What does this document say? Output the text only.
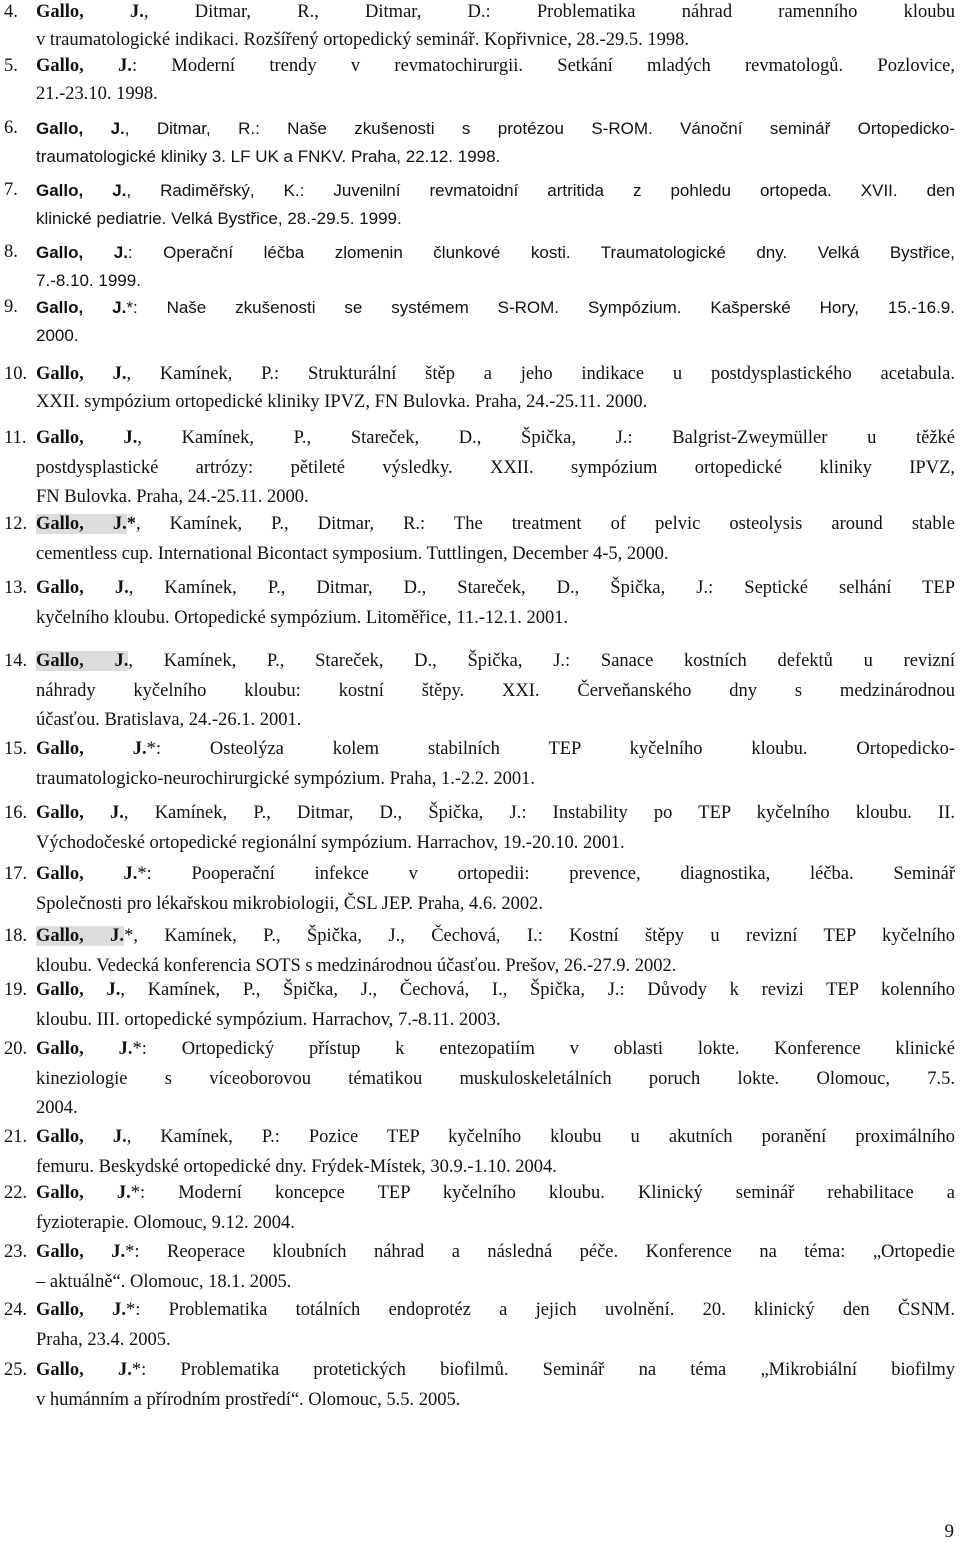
9
4. Gallo, J., Ditmar, R., Ditmar, D.: Problematika náhrad ramenního kloubu
v traumatologické indikaci. Rozšířený ortopedický seminář. Kopřivnice, 28.-29.5. 1998.
5. Gallo, J.: Moderní trendy v revmatochirurgii. Setkání mladých revmatologů. Pozlovice,
21.-23.10. 1998.
6. Gallo, J., Ditmar, R.: Naše zkušenosti s protézou S-ROM. Vánoční seminář Ortopedicko-
traumatologické kliniky 3. LF UK a FNKV. Praha, 22.12. 1998.
7. Gallo, J., Radiměřský, K.: Juvenilní revmatoidní artritida z pohledu ortopeda. XVII. den
klinické pediatrie. Velká Bystřice, 28.-29.5. 1999.
8. Gallo, J.: Operační léčba zlomenin člunkové kosti. Traumatologické dny. Velká Bystřice,
7.-8.10. 1999.
9. Gallo, J.*: Naše zkušenosti se systémem S-ROM. Sympózium. Kašperské Hory, 15.-16.9.
2000.
10. Gallo, J., Kamínek, P.: Strukturální štěp a jeho indikace u postdysplastického acetabula.
XXII. sympózium ortopedické kliniky IPVZ, FN Bulovka. Praha, 24.-25.11. 2000.
11. Gallo, J., Kamínek, P., Stareček, D., Špička, J.: Balgrist-Zweymüller u těžké
postdysplastické artrózy: pětileté výsledky. XXII. sympózium ortopedické kliniky IPVZ,
FN Bulovka. Praha, 24.-25.11. 2000.
12. Gallo, J.*, Kamínek, P., Ditmar, R.: The treatment of pelvic osteolysis around stable
cementless cup. International Bicontact symposium. Tuttlingen, December 4-5, 2000.
13. Gallo, J., Kamínek, P., Ditmar, D., Stareček, D., Špička, J.: Septické selhání TEP
kyčelního kloubu. Ortopedické sympózium. Litoměřice, 11.-12.1. 2001.
14. Gallo, J., Kamínek, P., Stareček, D., Špička, J.: Sanace kostních defektů u revizní
náhrady kyčelního kloubu: kostní štěpy. XXI. Červeňanského dny s medzinárodnou
účasťou. Bratislava, 24.-26.1. 2001.
15. Gallo, J.*: Osteolýza kolem stabilních TEP kyčelního kloubu. Ortopedicko-
traumatologicko-neurochirurgické sympózium. Praha, 1.-2.2. 2001.
16. Gallo, J., Kamínek, P., Ditmar, D., Špička, J.: Instability po TEP kyčelního kloubu. II.
Východočeské ortopedické regionální sympózium. Harrachov, 19.-20.10. 2001.
17. Gallo, J.*: Pooperační infekce v ortopedii: prevence, diagnostika, léčba. Seminář
Společnosti pro lékařskou mikrobiologii, ČSL JEP. Praha, 4.6. 2002.
18. Gallo, J.*, Kamínek, P., Špička, J., Čechová, I.: Kostní štěpy u revizní TEP kyčelního
kloubu. Vedecká konferencia SOTS s medzinárodnou účasťou. Prešov, 26.-27.9. 2002.
19. Gallo, J., Kamínek, P., Špička, J., Čechová, I., Špička, J.: Důvody k revizi TEP kolenního
kloubu. III. ortopedické sympózium. Harrachov, 7.-8.11. 2003.
20. Gallo, J.*: Ortopedický přístup k entezopatiím v oblasti lokte. Konference klinické
kineziologie s víceoborovou tématikou muskuloskeletálních poruch lokte. Olomouc, 7.5.
2004.
21. Gallo, J., Kamínek, P.: Pozice TEP kyčelního kloubu u akutních poranění proximálního
femuru. Beskydské ortopedické dny. Frýdek-Místek, 30.9.-1.10. 2004.
22. Gallo, J.*: Moderní koncepce TEP kyčelního kloubu. Klinický seminář rehabilitace a
fyzioterapie. Olomouc, 9.12. 2004.
23. Gallo, J.*: Reoperace kloubních náhrad a následná péče. Konference na téma: „Ortopedie
– aktuálně“. Olomouc, 18.1. 2005.
24. Gallo, J.*: Problematika totálních endoprotéz a jejich uvolnění. 20. klinický den ČSNM.
Praha, 23.4. 2005.
25. Gallo, J.*: Problematika protetických biofilmů. Seminář na téma „Mikrobiální biofilmy
v humánním a přírodním prostředí“. Olomouc, 5.5. 2005.
